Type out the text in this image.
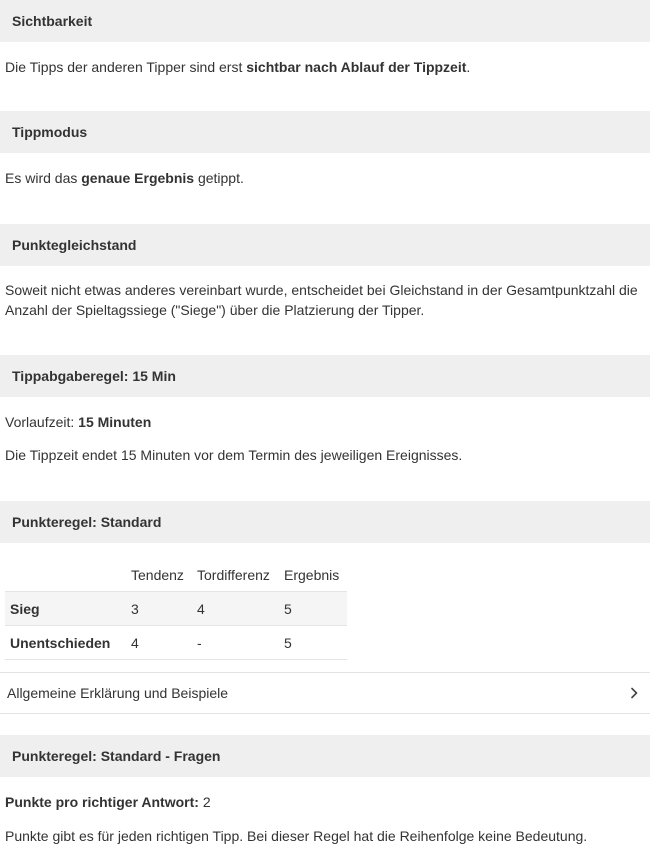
Sichtbarkeit
Die Tipps der anderen Tipper sind erst sichtbar nach Ablauf der Tippzeit.
Tippmodus
Es wird das genaue Ergebnis getippt.
Punktegleichstand
Soweit nicht etwas anderes vereinbart wurde, entscheidet bei Gleichstand in der Gesamtpunktzahl die Anzahl der Spieltagssiege ("Siege") über die Platzierung der Tipper.
Tippabgaberegel: 15 Min
Vorlaufzeit: 15 Minuten
Die Tippzeit endet 15 Minuten vor dem Termin des jeweiligen Ereignisses.
Punkteregel: Standard
	Tendenz	Tordifferenz	Ergebnis
Sieg	3	4	5
Unentschieden	4	-	5
Allgemeine Erklärung und Beispiele
Punkteregel: Standard - Fragen
Punkte pro richtiger Antwort: 2
Punkte gibt es für jeden richtigen Tipp. Bei dieser Regel hat die Reihenfolge keine Bedeutung.
